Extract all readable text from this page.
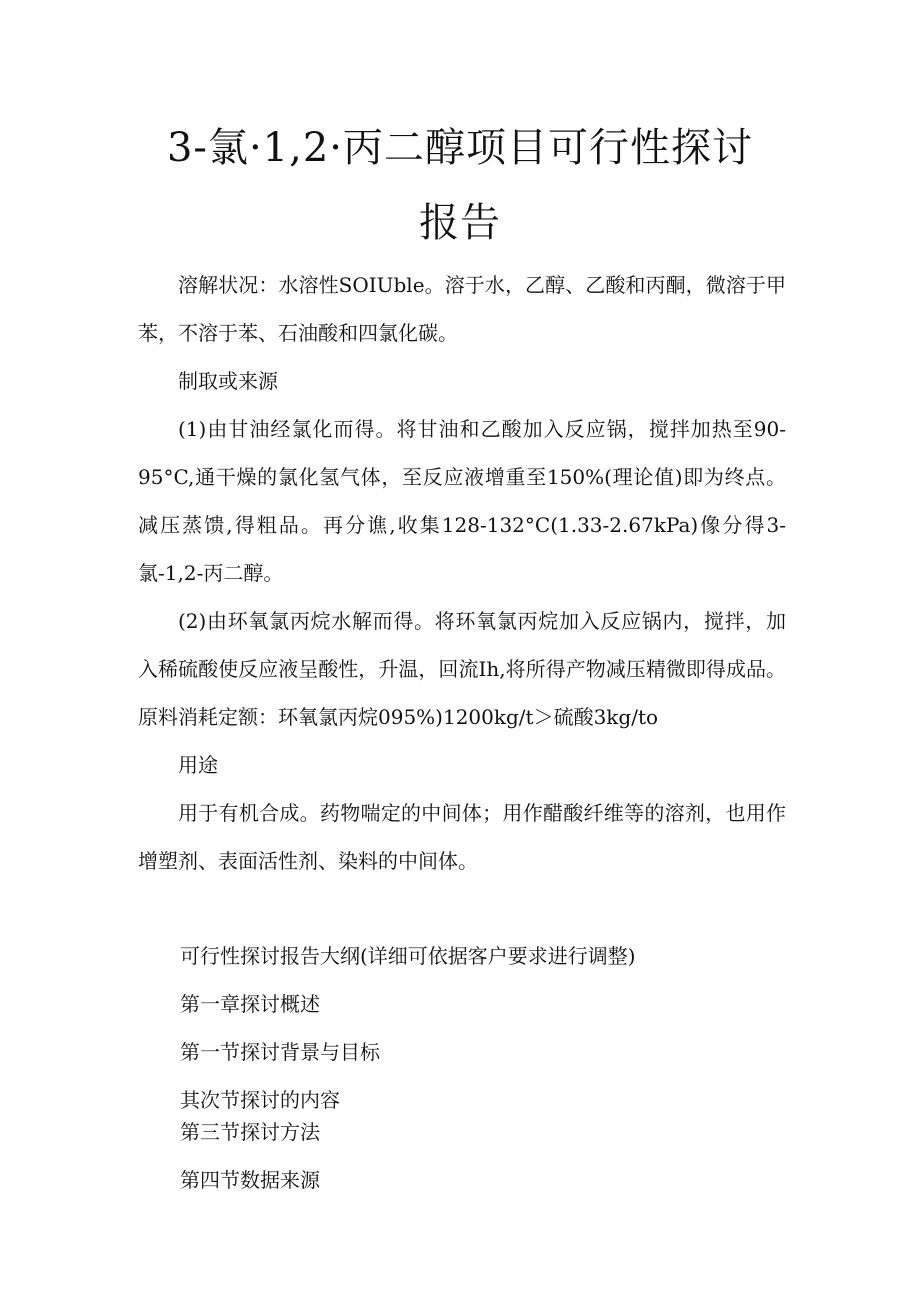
3-氯·1,2·丙二醇项目可行性探讨
报告

溶解状况：水溶性SOIUble。溶于水，乙醇、乙酸和丙酮，微溶于甲苯，不溶于苯、石油酸和四氯化碳。

制取或来源

(1)由甘油经氯化而得。将甘油和乙酸加入反应锅，搅拌加热至90-95°C,通干燥的氯化氢气体，至反应液增重至150%(理论值)即为终点。减压蒸馈,得粗品。再分谯,收集128-132°C(1.33-2.67kPa)像分得3-氯-1,2-丙二醇。

(2)由环氧氯丙烷水解而得。将环氧氯丙烷加入反应锅内，搅拌，加入稀硫酸使反应液呈酸性，升温，回流Ih,将所得产物减压精微即得成品。原料消耗定额：环氧氯丙烷095%)1200kg/t＞硫酸3kg/to

用途

用于有机合成。药物喘定的中间体；用作醋酸纤维等的溶剂，也用作增塑剂、表面活性剂、染料的中间体。

可行性探讨报告大纲(详细可依据客户要求进行调整)

第一章探讨概述

第一节探讨背景与目标

其次节探讨的内容

第三节探讨方法

第四节数据来源
